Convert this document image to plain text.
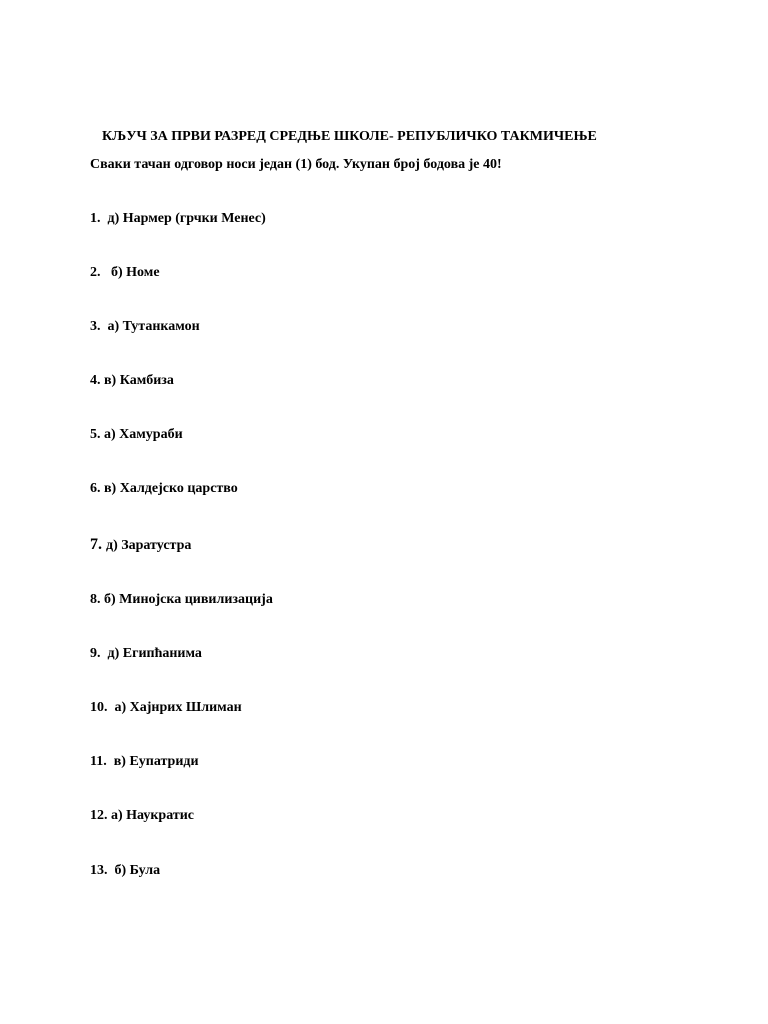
КЉУЧ ЗА ПРВИ РАЗРЕД СРЕДЊЕ ШКОЛЕ- РЕПУБЛИЧКО ТАКМИЧЕЊЕ
Сваки тачан одговор носи један (1) бод. Укупан број бодова је 40!
1.  д) Нармер (грчки Менес)
2.   б) Номе
3.  а) Тутанкамон
4. в) Камбиза
5. а) Хамураби
6. в) Халдејско царство
7. д) Заратустра
8. б) Минојска цивилизација
9.  д) Египћанима
10.  а) Хајнрих Шлиман
11.  в) Еупатриди
12. а) Наукратис
13.  б) Була
